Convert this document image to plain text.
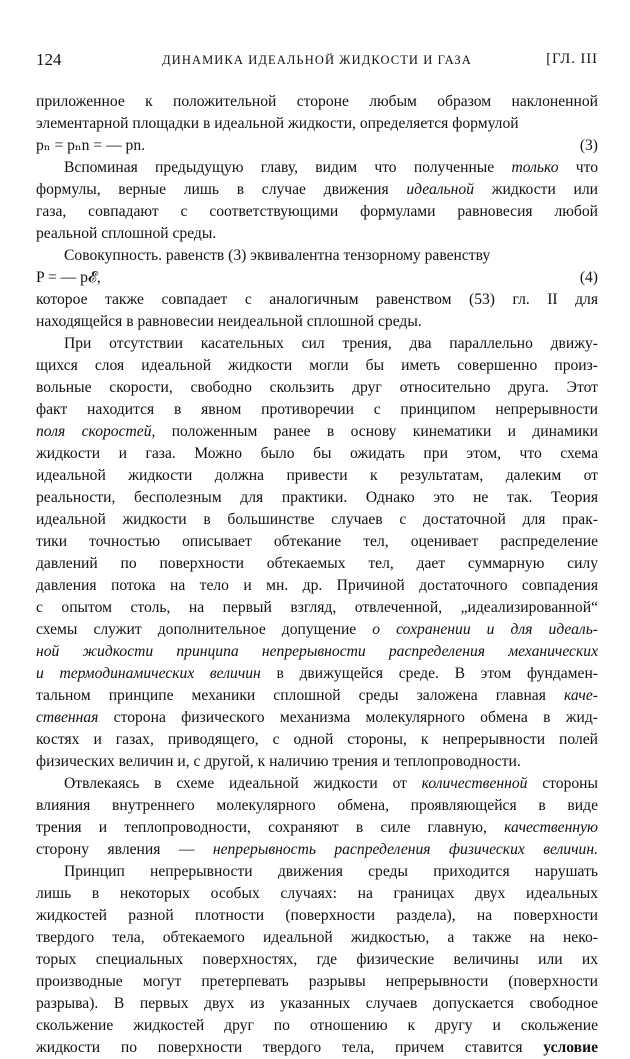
124	ДИНАМИКА ИДЕАЛЬНОЙ ЖИДКОСТИ И ГАЗА	[ГЛ. III
приложенное к положительной стороне любым образом наклоненной
элементарной площадки в идеальной жидкости, определяется формулой
pₙ = pₙn = — pn.	(3)
Вспоминая предыдущую главу, видим что полученные только что
формулы, верные лишь в случае движения идеальной жидкости или
газа, совпадают с соответствующими формулами равновесия любой
реальной сплошной среды.
Совокупность. равенств (3) эквивалентна тензорному равенству
P = — p𝓔,	(4)
которое также совпадает с аналогичным равенством (53) гл. II для
находящейся в равновесии неидеальной сплошной среды.
При отсутствии касательных сил трения, два параллельно движу-
щихся слоя идеальной жидкости могли бы иметь совершенно произ-
вольные скорости, свободно скользить друг относительно друга. Этот
факт находится в явном противоречии с принципом непрерывности
поля скоростей, положенным ранее в основу кинематики и динамики
жидкости и газа. Можно было бы ожидать при этом, что схема
идеальной жидкости должна привести к результатам, далеким от
реальности, бесполезным для практики. Однако это не так. Теория
идеальной жидкости в большинстве случаев с достаточной для прак-
тики точностью описывает обтекание тел, оценивает распределение
давлений по поверхности обтекаемых тел, дает суммарную силу
давления потока на тело и мн. др. Причиной достаточного совпадения
с опытом столь, на первый взгляд, отвлеченной, „идеализированной“
схемы служит дополнительное допущение о сохранении и для идеаль-
ной жидкости принципа непрерывности распределения механических
и термодинамических величин в движущейся среде. В этом фундамен-
тальном принципе механики сплошной среды заложена главная каче-
ственная сторона физического механизма молекулярного обмена в жид-
костях и газах, приводящего, с одной стороны, к непрерывности полей
физических величин и, с другой, к наличию трения и теплопроводности.
Отвлекаясь в схеме идеальной жидкости от количественной стороны
влияния внутреннего молекулярного обмена, проявляющейся в виде
трения и теплопроводности, сохраняют в силе главную, качественную
сторону явления — непрерывность распределения физических величин.
Принцип непрерывности движения среды приходится нарушать
лишь в некоторых особых случаях: на границах двух идеальных
жидкостей разной плотности (поверхности раздела), на поверхности
твердого тела, обтекаемого идеальной жидкостью, а также на неко-
торых специальных поверхностях, где физические величины или их
производные могут претерпевать разрывы непрерывности (поверхности
разрыва). В первых двух из указанных случаев допускается свободное
скольжение жидкостей друг по отношению к другу и скольжение
жидкости по поверхности твердого тела, причем ставится условие
